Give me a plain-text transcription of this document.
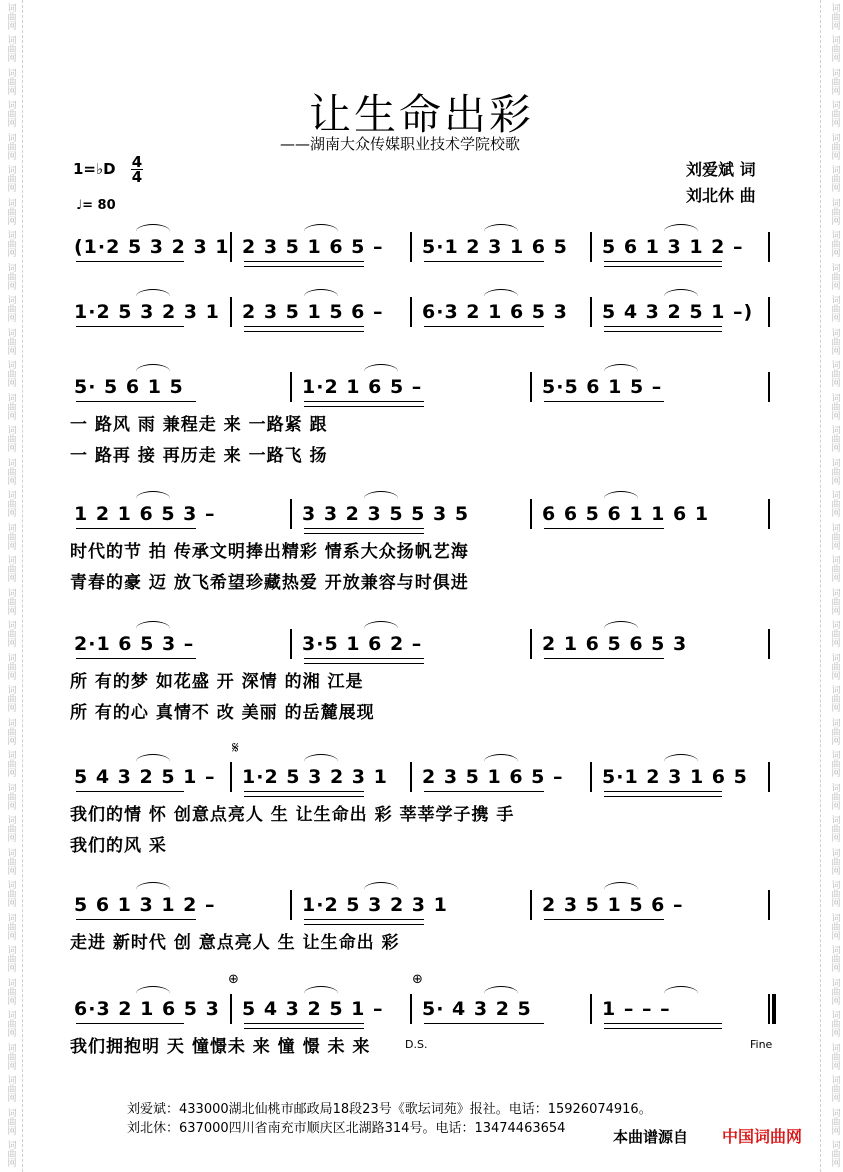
词曲网
词曲网
词曲网
词曲网
词曲网
词曲网
词曲网
词曲网
词曲网
词曲网
词曲网
词曲网
词曲网
词曲网
词曲网
词曲网
词曲网
词曲网
词曲网
词曲网
词曲网
词曲网
词曲网
词曲网
词曲网
词曲网
词曲网
词曲网
词曲网
词曲网
词曲网
词曲网
词曲网
词曲网
词曲网
词曲网
词曲网
词曲网
词曲网
词曲网
词曲网
词曲网
词曲网
词曲网
词曲网
词曲网
词曲网
词曲网
词曲网
词曲网
词曲网
词曲网
词曲网
词曲网
词曲网
词曲网
词曲网
词曲网
词曲网
词曲网
词曲网
词曲网
词曲网
词曲网
词曲网
词曲网
词曲网
词曲网
词曲网
词曲网
词曲网
词曲网
让生命出彩
——湖南大众传媒职业技术学院校歌
1=♭D 4
4
♩= 80
刘爱斌 词
刘北休 曲
(1·2 5 3 2 3 1 2 3 5 1 6 5 – 5·1 2 3 1 6 5 5 6 1 3 1 2 –
1·2 5 3 2 3 1 2 3 5 1 5 6 – 6·3 2 1 6 5 3 5 4 3 2 5 1 –)
5· 5 6 1 5	1·2 1 6 5 –	5·5 6 1 5 –
一 路风 雨 兼程走 来 一路紧 跟
一 路再 接 再历走 来 一路飞 扬
1 2 1 6 5 3 –	3 3 2 3 5 5 3 5	6 6 5 6 1 1 6 1
时代的节 拍 传承文明捧出精彩 情系大众扬帆艺海
青春的豪 迈 放飞希望珍藏热爱 开放兼容与时俱进
2·1 6 5 3 –	3·5 1 6 2 –	2 1 6 5 6 5 3
所 有的梦 如花盛 开 深情 的湘 江是
所 有的心 真情不 改 美丽 的岳麓展现
5 4 3 2 5 1 – 1·2 5 3 2 3 1 2 3 5 1 6 5 – 5·1 2 3 1 6 5
我们的情 怀 创意点亮人 生 让生命出 彩 莘莘学子携 手
我们的风 采
5 6 1 3 1 2 –	1·2 5 3 2 3 1	2 3 5 1 5 6 –
走进 新时代 创 意点亮人 生 让生命出 彩
6·3 2 1 6 5 3 5 4 3 2 5 1 – 5· 4 3 2 5	1 – – –
我们拥抱明 天 憧憬未 来 憧 憬 未 来
𝄋
⊕	⊕
D.S.	Fine
刘爱斌：433000湖北仙桃市邮政局18段23号《歌坛词苑》报社。电话：15926074916。
刘北休：637000四川省南充市顺庆区北湖路314号。电话：13474463654	本曲谱源自 中国词曲网
